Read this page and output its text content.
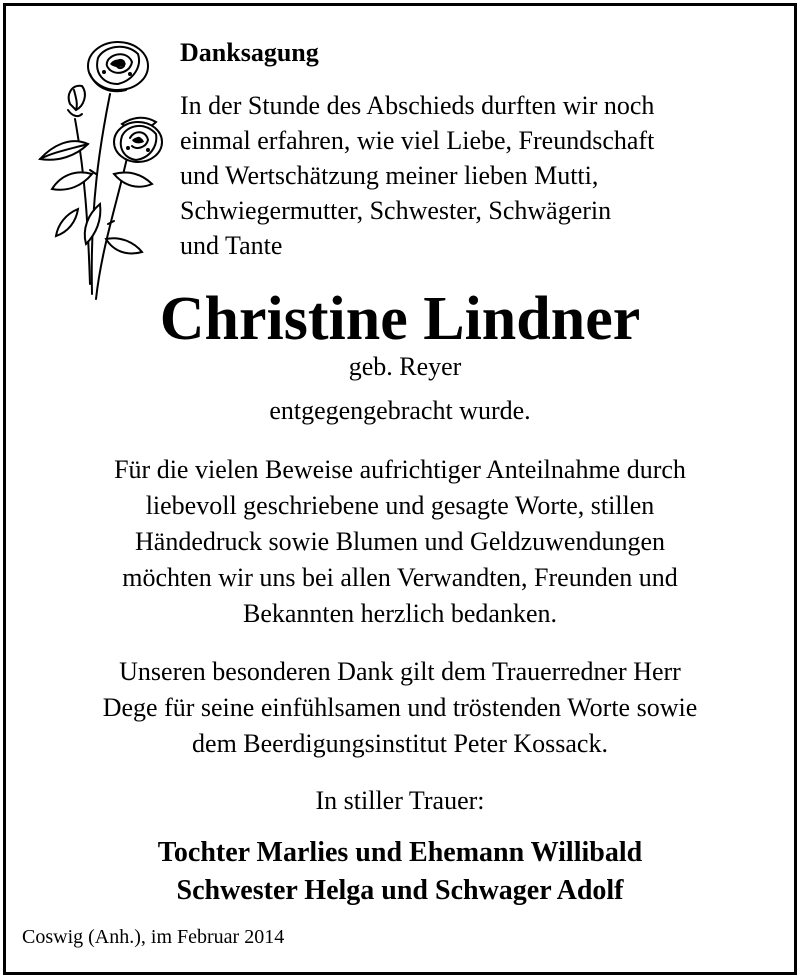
Danksagung
In der Stunde des Abschieds durften wir noch
einmal erfahren, wie viel Liebe, Freundschaft
und Wertschätzung meiner lieben Mutti,
Schwiegermutter, Schwester, Schwägerin
und Tante
Christine Lindner
geb. Reyer
entgegengebracht wurde.
Für die vielen Beweise aufrichtiger Anteilnahme durch
liebevoll geschriebene und gesagte Worte, stillen
Händedruck sowie Blumen und Geldzuwendungen
möchten wir uns bei allen Verwandten, Freunden und
Bekannten herzlich bedanken.
Unseren besonderen Dank gilt dem Trauerredner Herr
Dege für seine einfühlsamen und tröstenden Worte sowie
dem Beerdigungsinstitut Peter Kossack.
In stiller Trauer:
Tochter Marlies und Ehemann Willibald
Schwester Helga und Schwager Adolf
Coswig (Anh.), im Februar 2014
